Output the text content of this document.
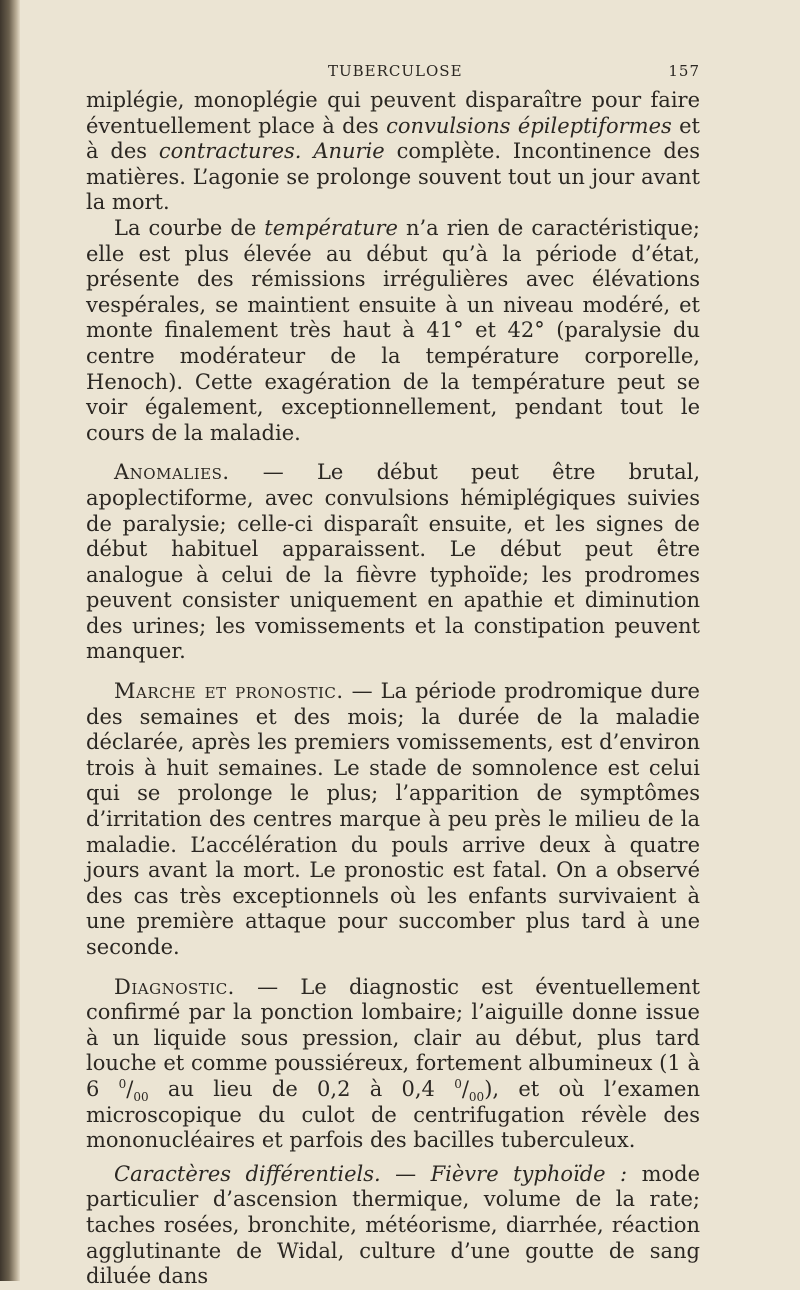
TUBERCULOSE	157

miplégie, monoplégie qui peuvent disparaître pour faire éventuellement place à des convulsions épileptiformes et à des contractures. Anurie complète. Incontinence des matières. L’agonie se prolonge souvent tout un jour avant la mort.

La courbe de température n’a rien de caractéristique; elle est plus élevée au début qu’à la période d’état, présente des rémissions irrégulières avec élévations vespérales, se maintient ensuite à un niveau modéré, et monte finalement très haut à 41° et 42° (paralysie du centre modérateur de la température corporelle, Henoch). Cette exagération de la température peut se voir également, exceptionnellement, pendant tout le cours de la maladie.

Anomalies. — Le début peut être brutal, apoplectiforme, avec convulsions hémiplégiques suivies de paralysie; celle-ci disparaît ensuite, et les signes de début habituel apparaissent. Le début peut être analogue à celui de la fièvre typhoïde; les prodromes peuvent consister uniquement en apathie et diminution des urines; les vomissements et la constipation peuvent manquer.

Marche et pronostic. — La période prodromique dure des semaines et des mois; la durée de la maladie déclarée, après les premiers vomissements, est d’environ trois à huit semaines. Le stade de somnolence est celui qui se prolonge le plus; l’apparition de symptômes d’irritation des centres marque à peu près le milieu de la maladie. L’accélération du pouls arrive deux à quatre jours avant la mort. Le pronostic est fatal. On a observé des cas très exceptionnels où les enfants survivaient à une première attaque pour succomber plus tard à une seconde.

Diagnostic. — Le diagnostic est éventuellement confirmé par la ponction lombaire; l’aiguille donne issue à un liquide sous pression, clair au début, plus tard louche et comme poussiéreux, fortement albumineux (1 à 6 $^0/_{00}$ au lieu de 0,2 à 0,4 $^0/_{00}$), et où l’examen microscopique du culot de centrifugation révèle des mononucléaires et parfois des bacilles tuberculeux.

Caractères différentiels. — Fièvre typhoïde : mode particulier d’ascension thermique, volume de la rate; taches rosées, bronchite, météorisme, diarrhée, réaction agglutinante de Widal, culture d’une goutte de sang diluée dans
